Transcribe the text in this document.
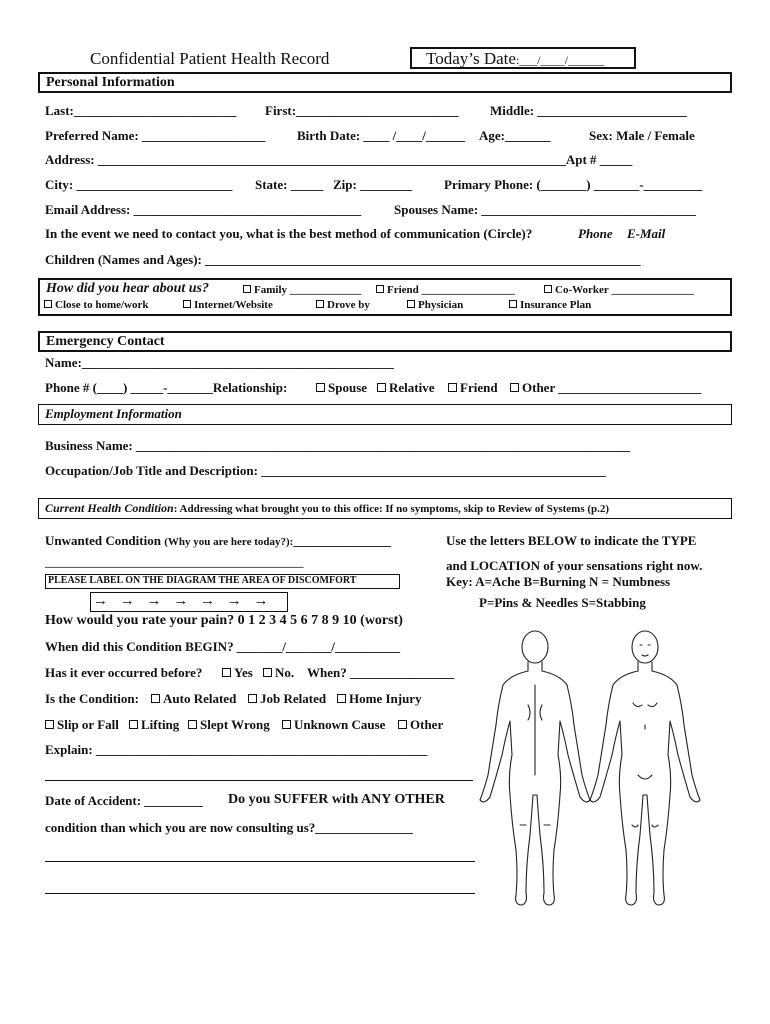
Confidential Patient Health Record	Today’s Date:___/____/______
Personal Information
Last:_________________________ First:_________________________ Middle: _______________________
Preferred Name: ___________________ Birth Date: ____ /____/______ Age:_______	Sex: Male / Female
Address: ________________________________________________________________________Apt # _____
City: ________________________ State: _____ Zip: ________ Primary Phone: (_______) _______-_________
Email Address: ___________________________________	Spouses Name: _________________________________
In the event we need to contact you, what is the best method of communication (Circle)?	Phone E-Mail
Children (Names and Ages): ___________________________________________________________________
How did you hear about us?	Family _____________	Friend _________________	Co-Worker _______________
Close to home/work	Internet/Website	Drove by	Physician	Insurance Plan
Emergency Contact
Name:________________________________________________
Phone # (____) _____-_______Relationship:	Spouse	Relative	Friend	Other ______________________
Employment Information
Business Name: ____________________________________________________________________________
Occupation/Job Title and Description: _____________________________________________________
Current Health Condition: Addressing what brought you to this office: If no symptoms, skip to Review of Systems (p.2)
Unwanted Condition (Why you are here today?):_______________
_______________________________________________
PLEASE LABEL ON THE DIAGRAM THE AREA OF DISCOMFORT
→ → → → → → →
How would you rate your pain? 0 1 2 3 4 5 6 7 8 9 10 (worst)
When did this Condition BEGIN? _______/_______/__________
Has it ever occurred before?	Yes	No. When? ________________
Is the Condition:	Auto Related	Job Related	Home Injury
Slip or Fall	Lifting	Slept Wrong	Unknown Cause	Other
Explain: ___________________________________________________
Date of Accident: _________ Do you SUFFER with ANY OTHER
condition than which you are now consulting us?_______________
Use the letters BELOW to indicate the TYPE
and LOCATION of your sensations right now.
Key: A=Ache B=Burning N = Numbness
P=Pins & Needles S=Stabbing
